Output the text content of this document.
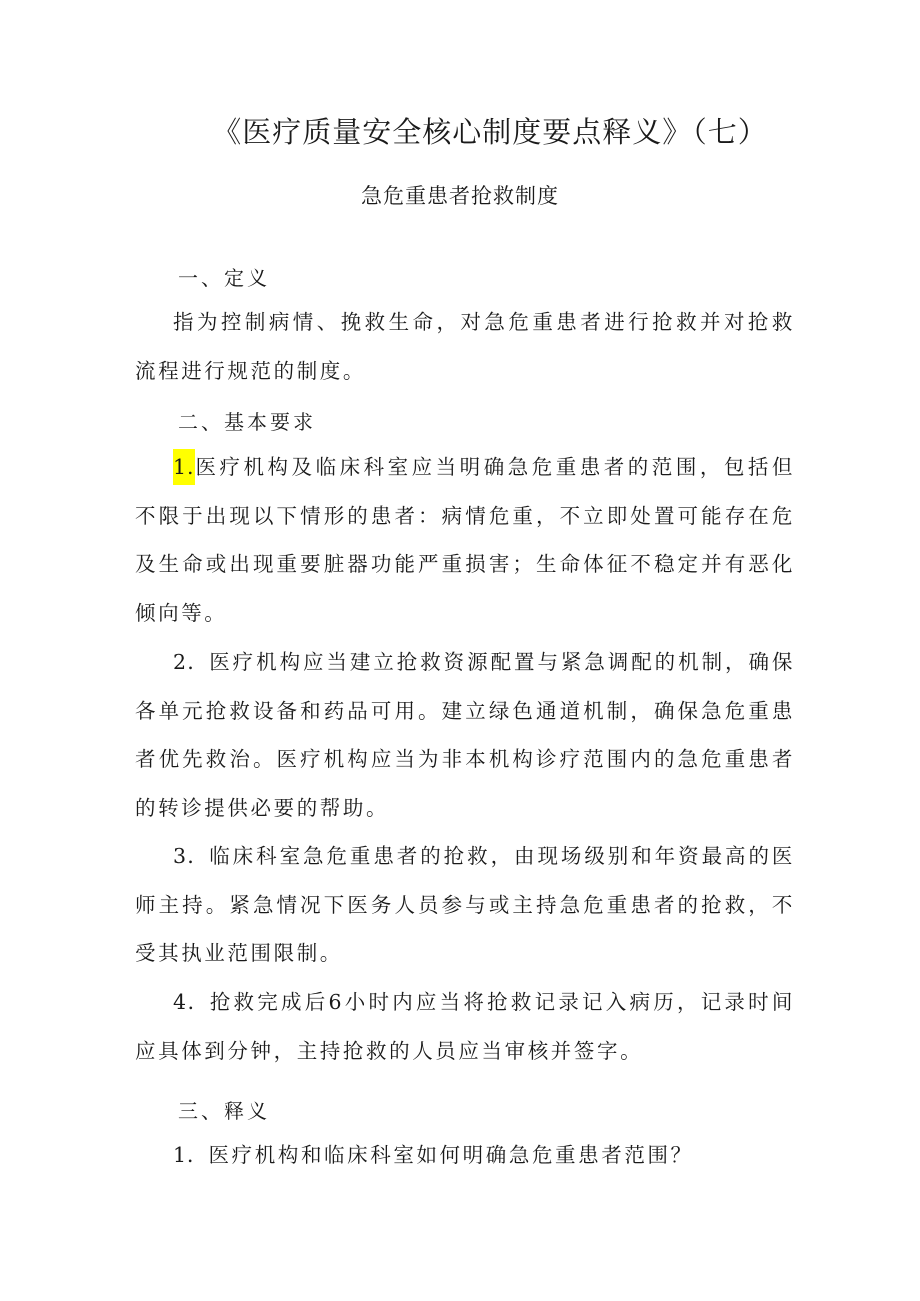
《医疗质量安全核心制度要点释义》（七）
急危重患者抢救制度
一、定义
指为控制病情、挽救生命，对急危重患者进行抢救并对抢救流程进行规范的制度。
二、基本要求
1.医疗机构及临床科室应当明确急危重患者的范围，包括但不限于出现以下情形的患者：病情危重，不立即处置可能存在危及生命或出现重要脏器功能严重损害；生命体征不稳定并有恶化倾向等。
2．医疗机构应当建立抢救资源配置与紧急调配的机制，确保各单元抢救设备和药品可用。建立绿色通道机制，确保急危重患者优先救治。医疗机构应当为非本机构诊疗范围内的急危重患者的转诊提供必要的帮助。
3．临床科室急危重患者的抢救，由现场级别和年资最高的医师主持。紧急情况下医务人员参与或主持急危重患者的抢救，不受其执业范围限制。
4．抢救完成后6小时内应当将抢救记录记入病历，记录时间应具体到分钟，主持抢救的人员应当审核并签字。
三、释义
1．医疗机构和临床科室如何明确急危重患者范围？
